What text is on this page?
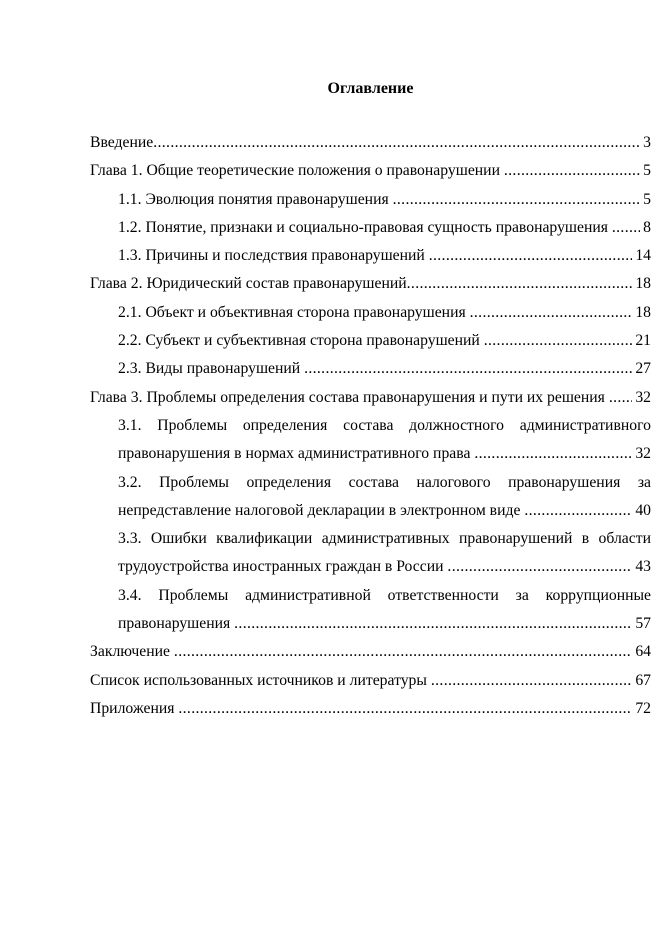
Оглавление
Введение .....	3
Глава 1. Общие теоретические положения о правонарушении .....	5
1.1. Эволюция понятия правонарушения .....	5
1.2. Понятие, признаки и социально-правовая сущность правонарушения ..... 8
1.3. Причины и последствия правонарушений .....	14
Глава 2. Юридический состав правонарушений .....	18
2.1. Объект и объективная сторона правонарушения .....	18
2.2. Субъект и субъективная сторона правонарушений .....	21
2.3. Виды правонарушений .....	27
Глава 3. Проблемы определения состава правонарушения и пути их решения ..... 32
3.1. Проблемы определения состава должностного административного
правонарушения в нормах административного права .....	32
3.2. Проблемы определения состава налогового правонарушения за
непредставление налоговой декларации в электронном виде .....	40
3.3. Ошибки квалификации административных правонарушений в области
трудоустройства иностранных граждан в России .....	43
3.4. Проблемы административной ответственности за коррупционные
правонарушения .....	57
Заключение .....	64
Список использованных источников и литературы .....	67
Приложения .....	72
